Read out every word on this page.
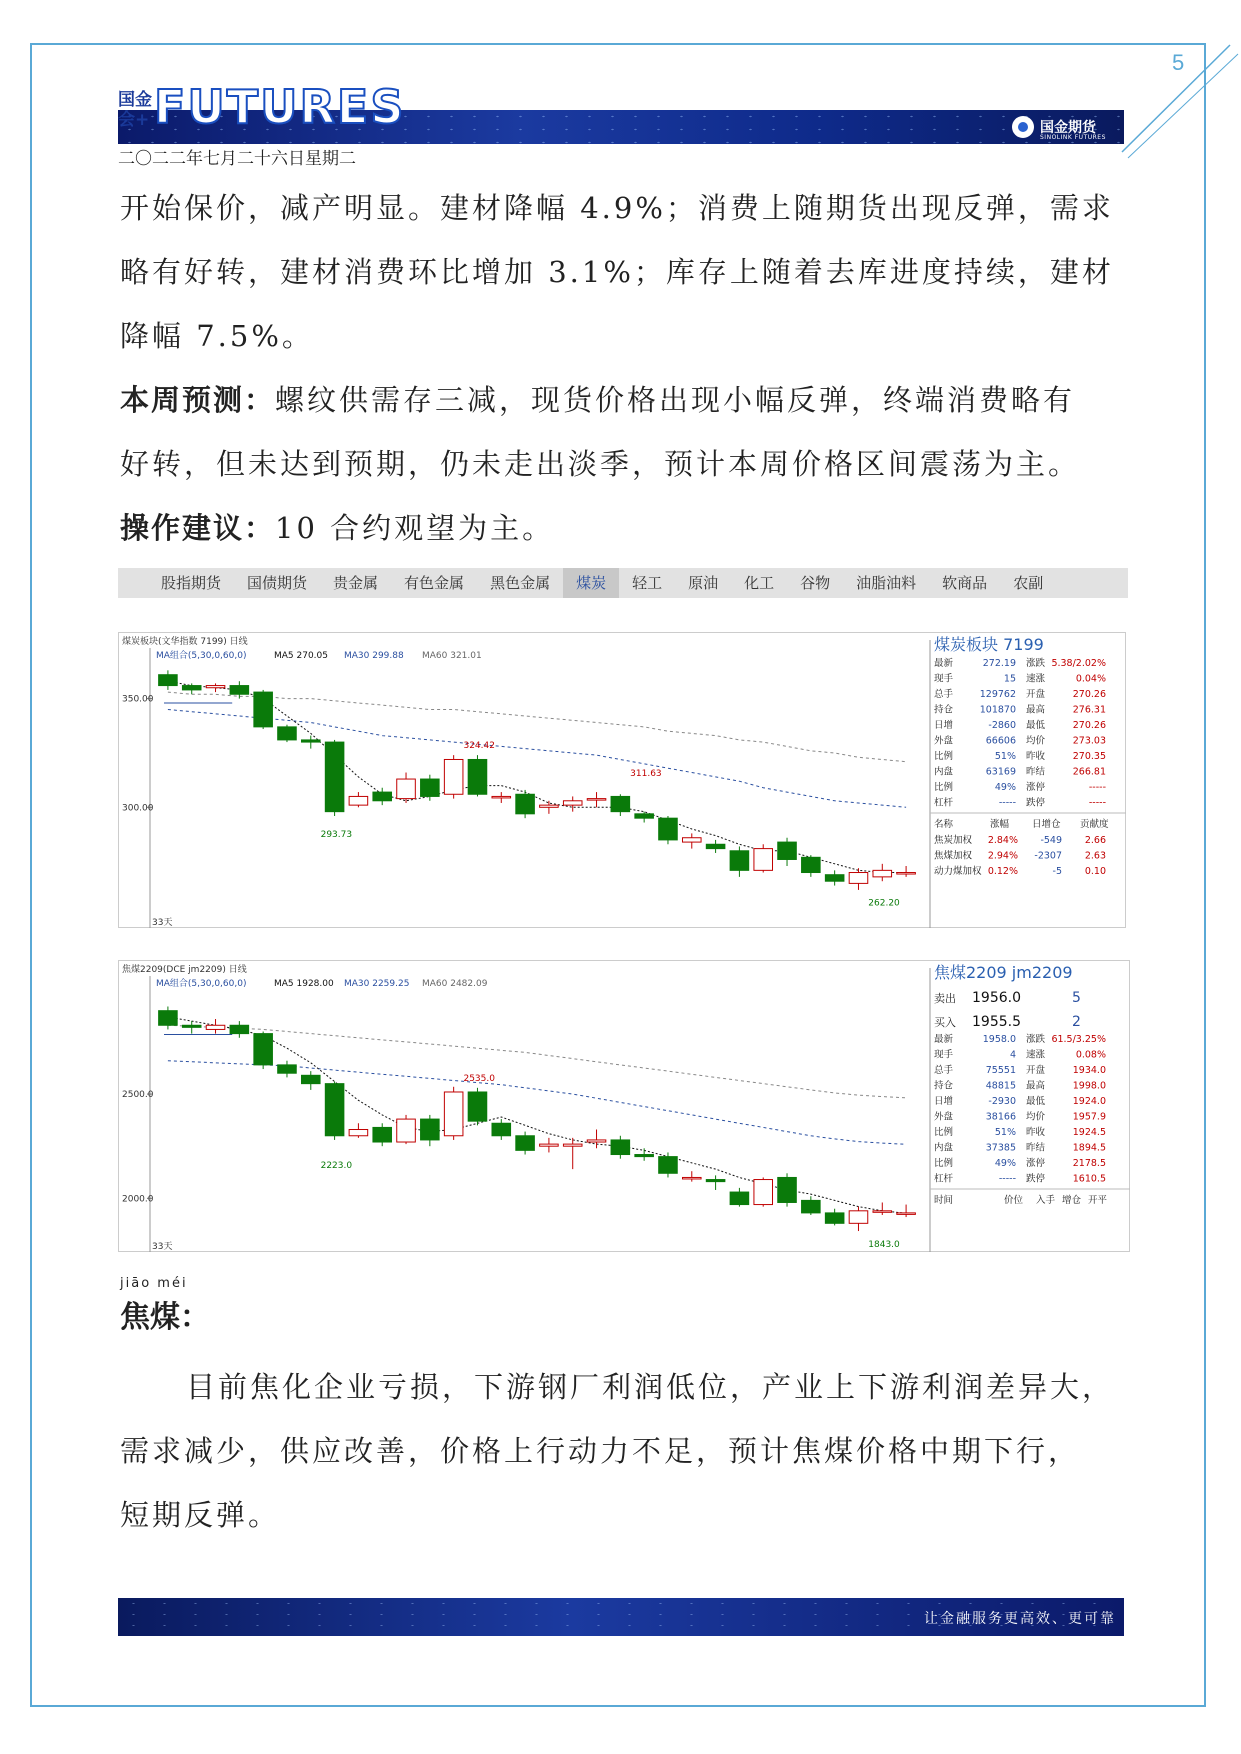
5
国金会+ FUTURES	国金期货
SINOLINK FUTURES
二〇二二年七月二十六日星期二
开始保价，减产明显。建材降幅 4.9%；消费上随期货出现反弹，需求
略有好转，建材消费环比增加 3.1%；库存上随着去库进度持续，建材
降幅 7.5%。
本周预测：螺纹供需存三减，现货价格出现小幅反弹，终端消费略有
好转，但未达到预期，仍未走出淡季，预计本周价格区间震荡为主。
操作建议：10 合约观望为主。
股指期货	国债期货	贵金属	有色金属	黑色金属	煤炭	轻工	原油	化工	谷物	油脂油料	软商品	农副
煤炭板块(文华指数 7199) 日线
MA组合(5,30,0,60,0)	MA5 270.05 MA30 299.88 MA60 321.01
350.00
300.00
33天
324.42
311.63
293.73
262.20
煤炭板块 7199
最新	272.19 涨跌 5.38/2.02%
现手	15 速涨	0.04%
总手	129762 开盘	270.26
持仓	101870 最高	276.31
日增	-2860 最低	270.26
外盘	66606 均价	273.03
比例	51% 昨收	270.35
内盘	63169 昨结	266.81
比例	49% 涨停	-----
杠杆	----- 跌停	-----
名称	涨幅 日增仓 贡献度
焦炭加权 2.84% -549 2.66
焦煤加权 2.94% -2307 2.63
动力煤加权 0.12%	-5 0.10
焦煤2209(DCE jm2209) 日线
MA组合(5,30,0,60,0)	MA5 1928.00 MA30 2259.25 MA60 2482.09
2500.0
2000.0
33天
2535.0
2223.0
1843.0
焦煤2209 jm2209
卖出 1956.0	5
买入 1955.5	2
最新	1958.0 涨跌 61.5/3.25%
现手	4 速涨	0.08%
总手	75551 开盘	1934.0
持仓	48815 最高	1998.0
日增	-2930 最低	1924.0
外盘	38166 均价	1957.9
比例	51% 昨收	1924.5
内盘	37385 昨结	1894.5
比例	49% 涨停	2178.5
杠杆	----- 跌停	1610.5
时间	价位 入手 增仓 开平
jiāo méi
焦煤：
目前焦化企业亏损，下游钢厂利润低位，产业上下游利润差异大，
需求减少，供应改善，价格上行动力不足，预计焦煤价格中期下行，
短期反弹。
让金融服务更高效、更可靠
